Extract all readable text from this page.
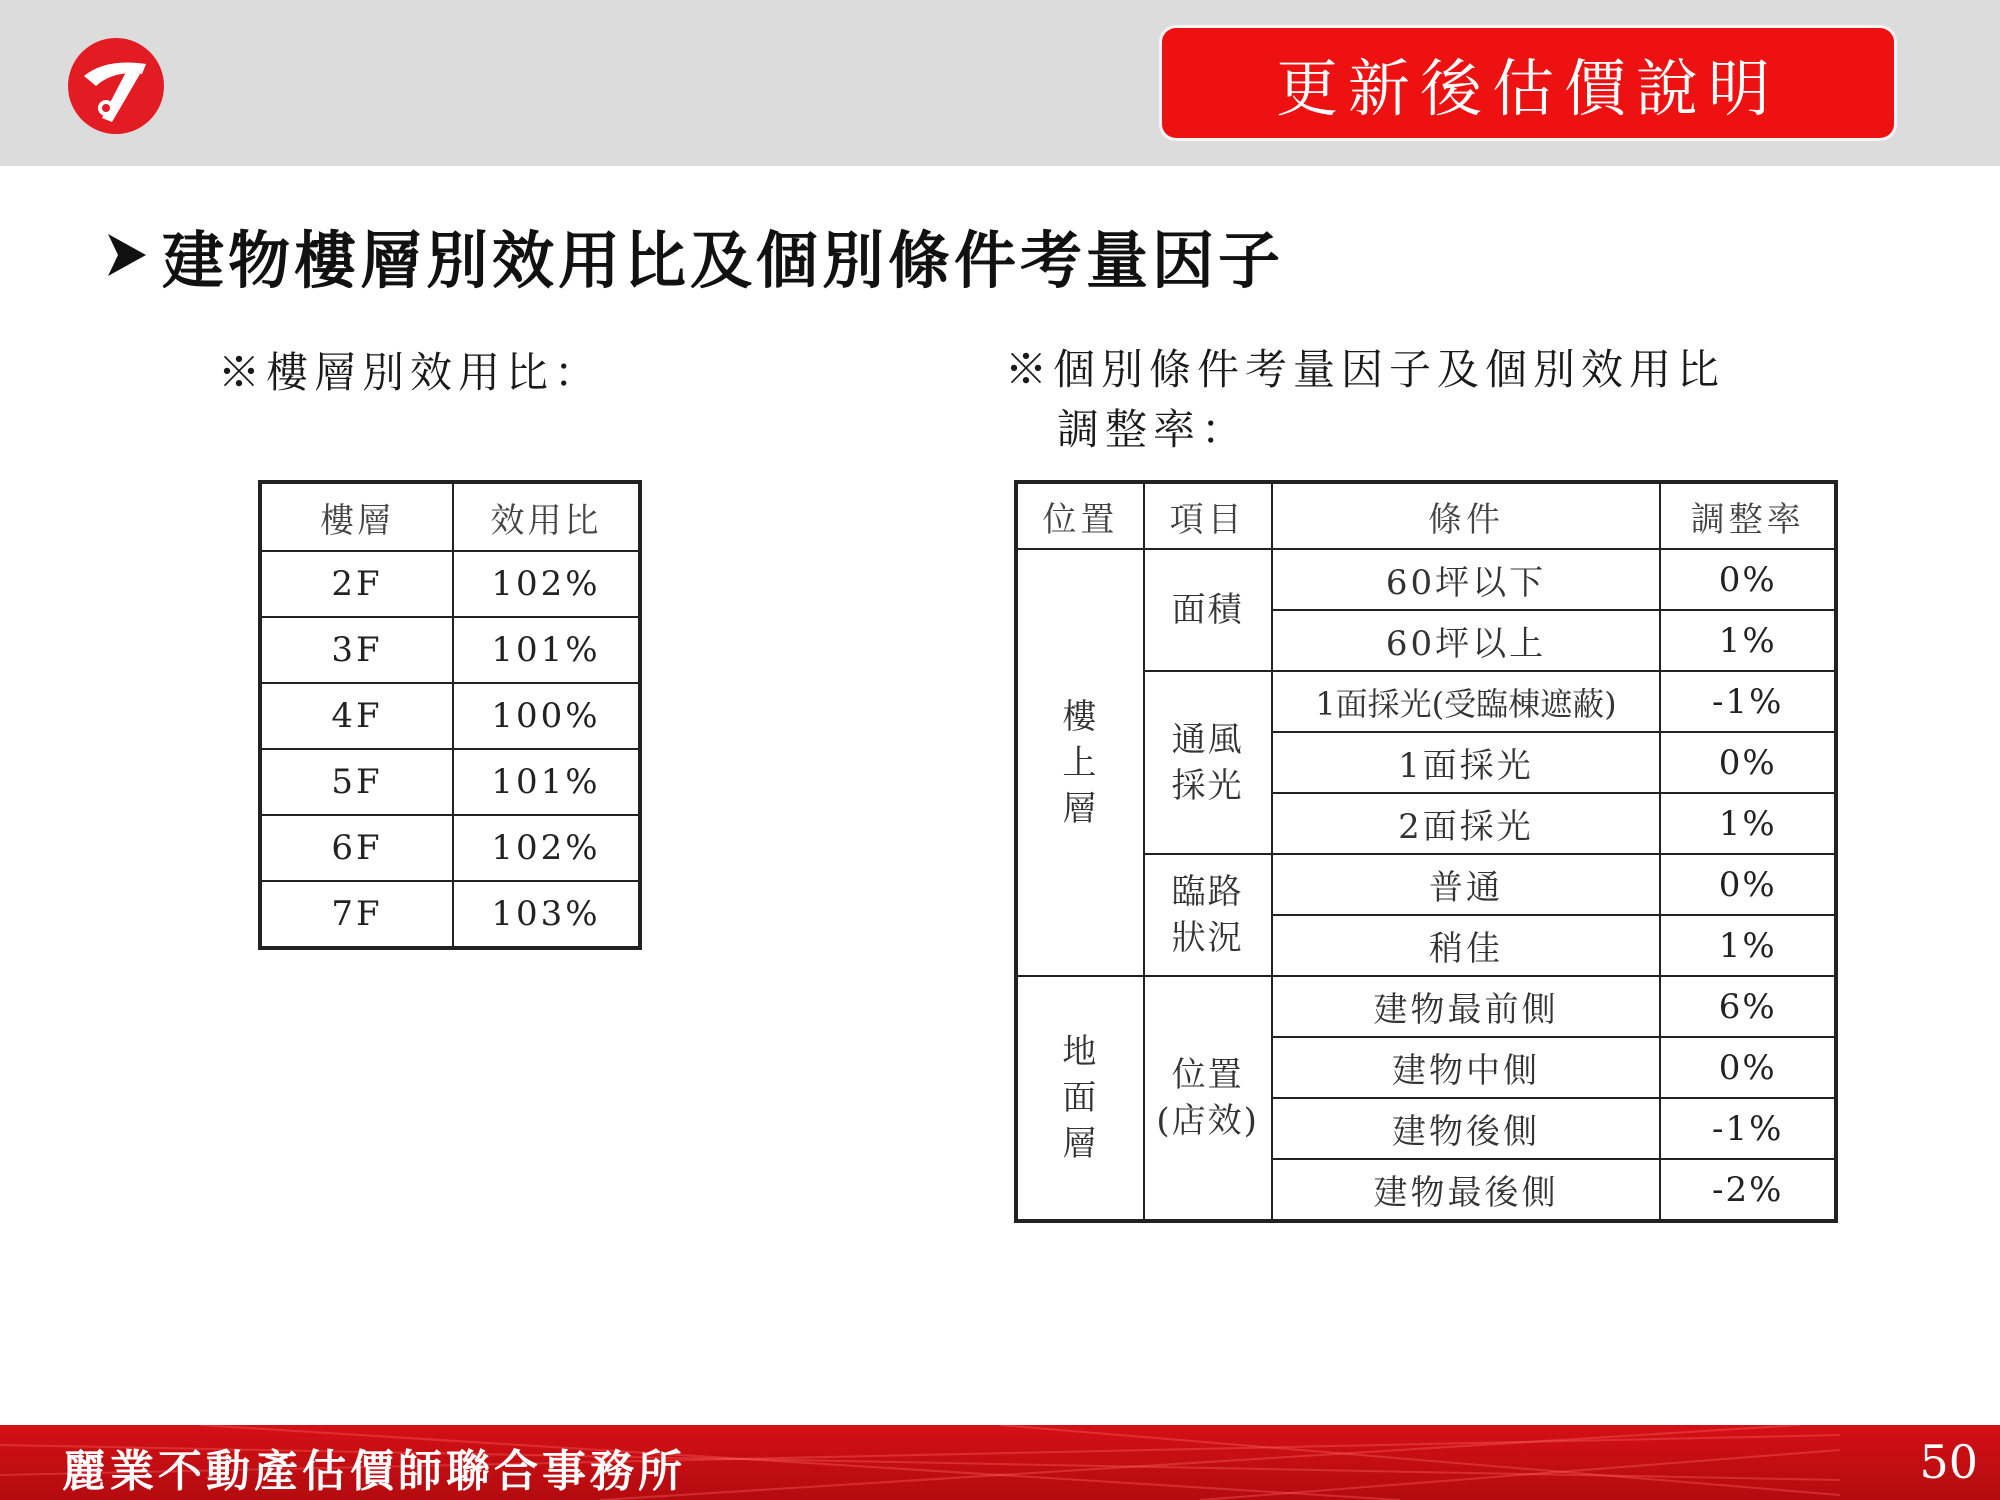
更新後估價說明
建物樓層別效用比及個別條件考量因子
※樓層別效用比：	※個別條件考量因子及個別效用比
調整率：
樓層	效用比
2F	102%
3F	101%
4F	100%
5F	101%
6F	102%
7F	103%
位置	項目	條件	調整率
樓上層	面積	60坪以下	0%
		60坪以上	1%
	通風採光	1面採光(受臨棟遮蔽)	-1%
		1面採光	0%
		2面採光	1%
	臨路狀況	普通	0%
		稍佳	1%
地面層	位置(店效)	建物最前側	6%
		建物中側	0%
		建物後側	-1%
		建物最後側	-2%
麗業不動產估價師聯合事務所	50
